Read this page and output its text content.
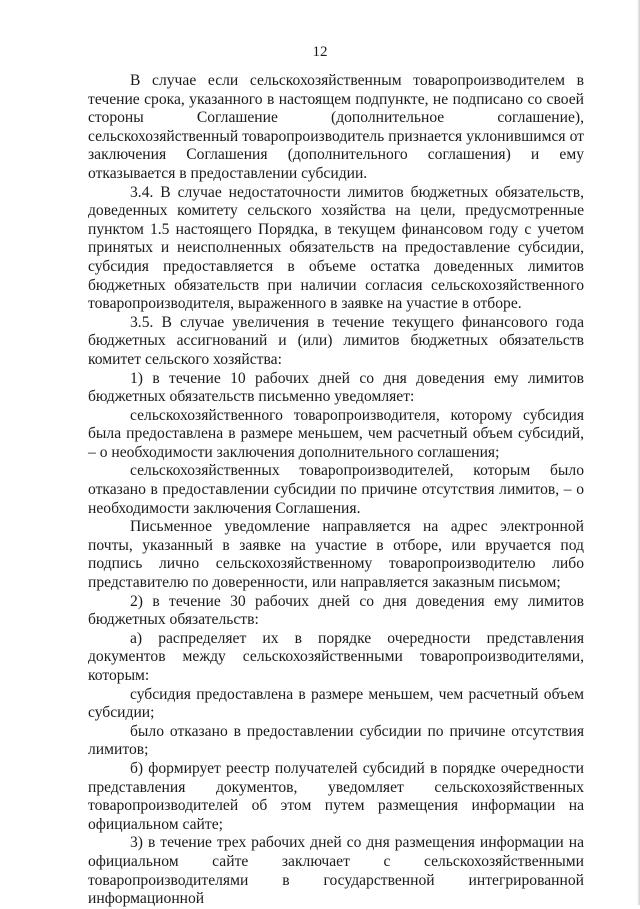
12

В случае если сельскохозяйственным товаропроизводителем в течение срока, указанного в настоящем подпункте, не подписано со своей стороны Соглашение (дополнительное соглашение), сельскохозяйственный товаропроизводитель признается уклонившимся от заключения Соглашения (дополнительного соглашения) и ему отказывается в предоставлении субсидии.

3.4. В случае недостаточности лимитов бюджетных обязательств, доведенных комитету сельского хозяйства на цели, предусмотренные пунктом 1.5 настоящего Порядка, в текущем финансовом году с учетом принятых и неисполненных обязательств на предоставление субсидии, субсидия предоставляется в объеме остатка доведенных лимитов бюджетных обязательств при наличии согласия сельскохозяйственного товаропроизводителя, выраженного в заявке на участие в отборе.

3.5. В случае увеличения в течение текущего финансового года бюджетных ассигнований и (или) лимитов бюджетных обязательств комитет сельского хозяйства:

1) в течение 10 рабочих дней со дня доведения ему лимитов бюджетных обязательств письменно уведомляет:

сельскохозяйственного товаропроизводителя, которому субсидия была предоставлена в размере меньшем, чем расчетный объем субсидий, – о необходимости заключения дополнительного соглашения;

сельскохозяйственных товаропроизводителей, которым было отказано в предоставлении субсидии по причине отсутствия лимитов, – о необходимости заключения Соглашения.

Письменное уведомление направляется на адрес электронной почты, указанный в заявке на участие в отборе, или вручается под подпись лично сельскохозяйственному товаропроизводителю либо представителю по доверенности, или направляется заказным письмом;

2) в течение 30 рабочих дней со дня доведения ему лимитов бюджетных обязательств:

а) распределяет их в порядке очередности представления документов между сельскохозяйственными товаропроизводителями, которым:

субсидия предоставлена в размере меньшем, чем расчетный объем субсидии;

было отказано в предоставлении субсидии по причине отсутствия лимитов;

б) формирует реестр получателей субсидий в порядке очередности представления документов, уведомляет сельскохозяйственных товаропроизводителей об этом путем размещения информации на официальном сайте;

3) в течение трех рабочих дней со дня размещения информации на официальном сайте заключает с сельскохозяйственными товаропроизводителями в государственной интегрированной информационной
